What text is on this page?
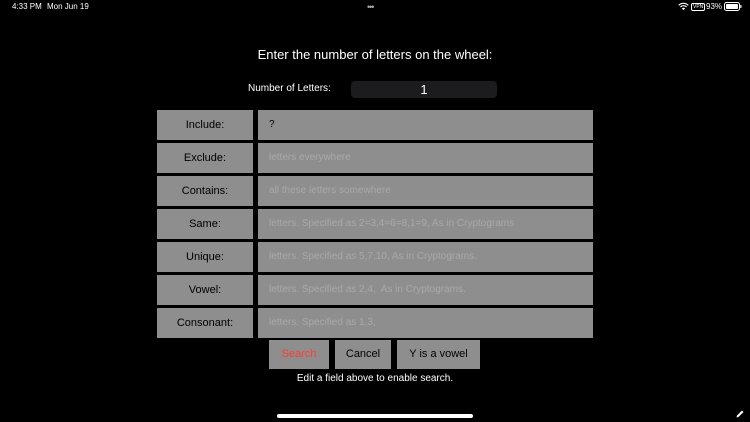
4:33 PM Mon Jun 19	•••	VPN 93%
Enter the number of letters on the wheel:
Number of Letters:	1
Include:	?
Exclude:	letters everywhere
Contains:	all these letters somewhere
Same:	letters. Specified as 2=3,4=6=8,1=9, As in Cryptograms
Unique:	letters. Specified as 5,7,10, As in Cryptograms.
Vowel:	letters. Specified as 2,4,  As in Cryptograms.
Consonant:	letters. Specified as 1,3,
Search	Cancel	Y is a vowel
Edit a field above to enable search.
